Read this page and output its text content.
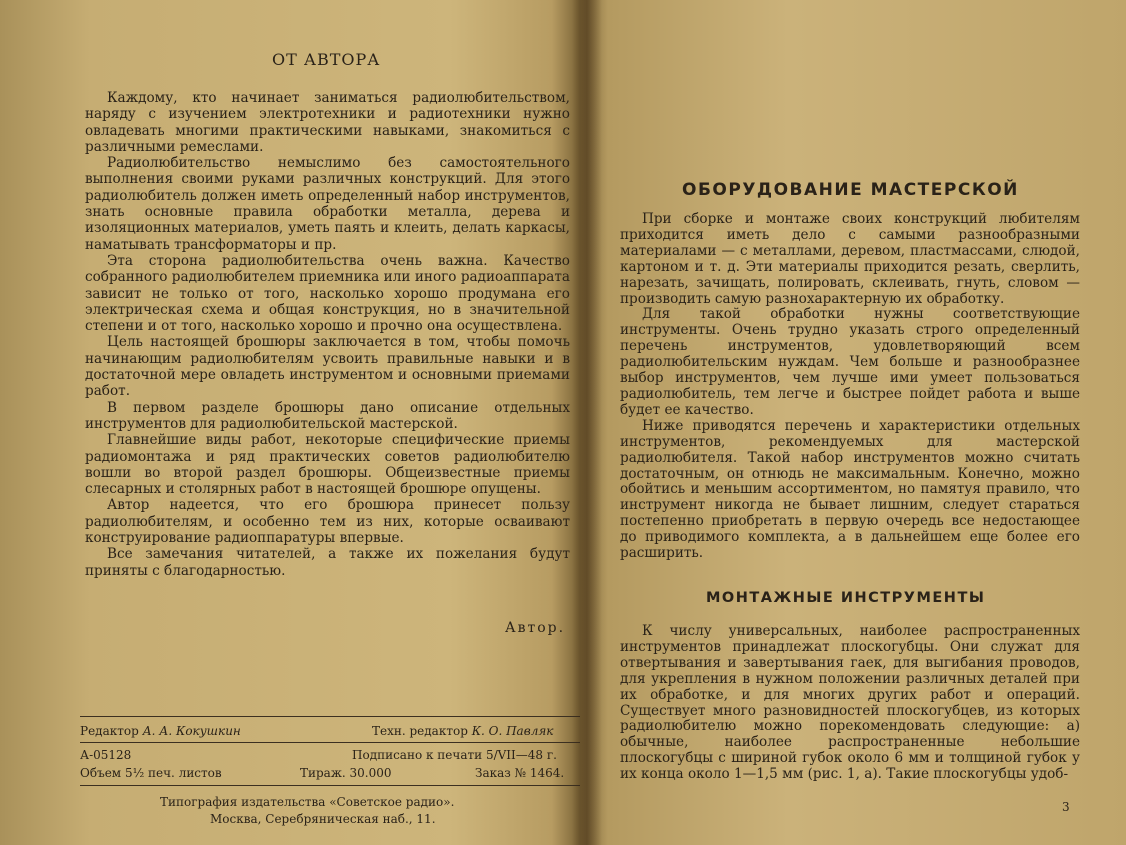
ОТ АВТОРА

Каждому, кто начинает заниматься радиолюбительством, наряду с изучением электротехники и радиотехники нужно овладевать многими практическими навыками, знакомиться с различными ремеслами.

Радиолюбительство немыслимо без самостоятельного выполнения своими руками различных конструкций. Для этого радиолюбитель должен иметь определенный набор инструментов, знать основные правила обработки металла, дерева и изоляционных материалов, уметь паять и клеить, делать каркасы, наматывать трансформаторы и пр.

Эта сторона радиолюбительства очень важна. Качество собранного радиолюбителем приемника или иного радиоаппарата зависит не только от того, насколько хорошо продумана его электрическая схема и общая конструкция, но в значительной степени и от того, насколько хорошо и прочно она осуществлена.

Цель настоящей брошюры заключается в том, чтобы помочь начинающим радиолюбителям усвоить правильные навыки и в достаточной мере овладеть инструментом и основными приемами работ.

В первом разделе брошюры дано описание отдельных инструментов для радиолюбительской мастерской.

Главнейшие виды работ, некоторые специфические приемы радиомонтажа и ряд практических советов радиолюбителю вошли во второй раздел брошюры. Общеизвестные приемы слесарных и столярных работ в настоящей брошюре опущены.

Автор надеется, что его брошюра принесет пользу радиолюбителям, и особенно тем из них, которые осваивают конструирование радиоппаратуры впервые.

Все замечания читателей, а также их пожелания будут приняты с благодарностью.

Автор.
Редактор А. А. Кокушкин	Техн. редактор К. О. Павляк
А-05128	Подписано к печати 5/VII—48 г.
Объем 5½ печ. листов	Тираж. 30.000	Заказ № 1464.
Типография издательства «Советское радио».
Москва, Серебряническая наб., 11.
ОБОРУДОВАНИЕ МАСТЕРСКОЙ

При сборке и монтаже своих конструкций любителям приходится иметь дело с самыми разнообразными материалами — с металлами, деревом, пластмассами, слюдой, картоном и т. д. Эти материалы приходится резать, сверлить, нарезать, зачищать, полировать, склеивать, гнуть, словом — производить самую разнохарактерную их обработку.

Для такой обработки нужны соответствующие инструменты. Очень трудно указать строго определенный перечень инструментов, удовлетворяющий всем радиолюбительским нуждам. Чем больше и разнообразнее выбор инструментов, чем лучше ими умеет пользоваться радиолюбитель, тем легче и быстрее пойдет работа и выше будет ее качество.

Ниже приводятся перечень и характеристики отдельных инструментов, рекомендуемых для мастерской радиолюбителя. Такой набор инструментов можно считать достаточным, он отнюдь не максимальным. Конечно, можно обойтись и меньшим ассортиментом, но памятуя правило, что инструмент никогда не бывает лишним, следует стараться постепенно приобретать в первую очередь все недостающее до приводимого комплекта, а в дальнейшем еще более его расширить.

МОНТАЖНЫЕ ИНСТРУМЕНТЫ

К числу универсальных, наиболее распространенных инструментов принадлежат плоскогубцы. Они служат для отвертывания и завертывания гаек, для выгибания проводов, для укрепления в нужном положении различных деталей при их обработке, и для многих других работ и операций. Существует много разновидностей плоскогубцев, из которых радиолюбителю можно порекомендовать следующие: а) обычные, наиболее распространенные небольшие плоскогубцы с шириной губок около 6 мм и толщиной губок у их конца около 1—1,5 мм (рис. 1, а). Такие плоскогубцы удоб-

3
